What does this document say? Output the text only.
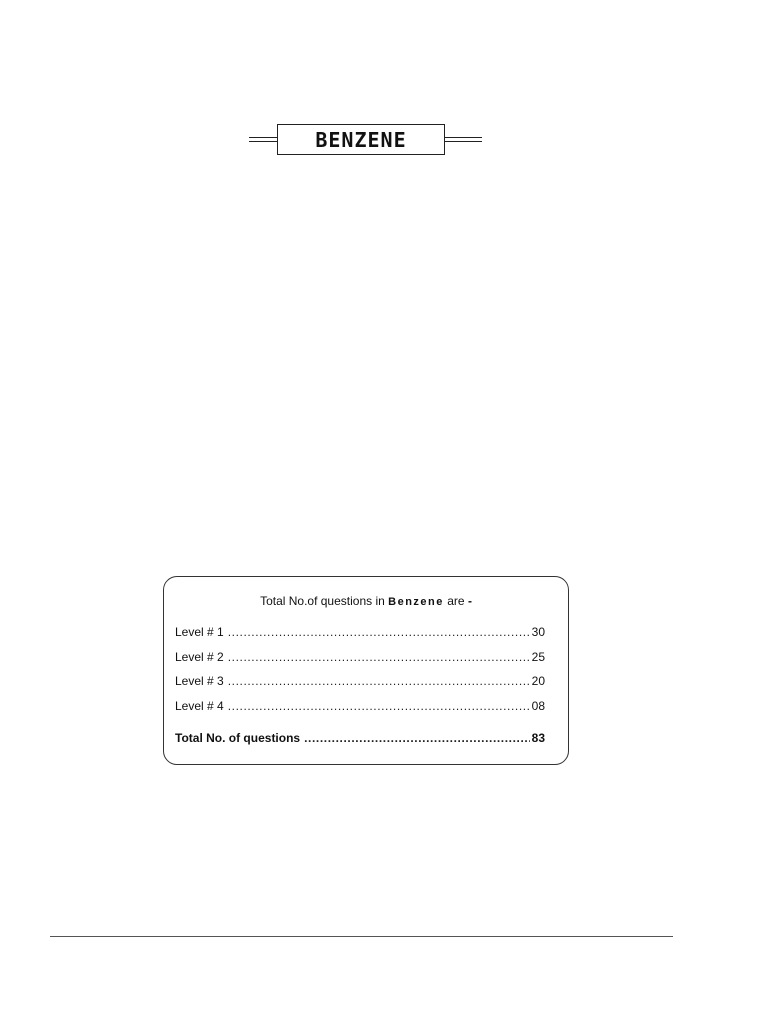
BENZENE
Total No.of questions in Benzene are -
Level # 1 .....	30
Level # 2 .....	25
Level # 3 .....	20
Level # 4 .....	08
Total No. of questions .....	83
